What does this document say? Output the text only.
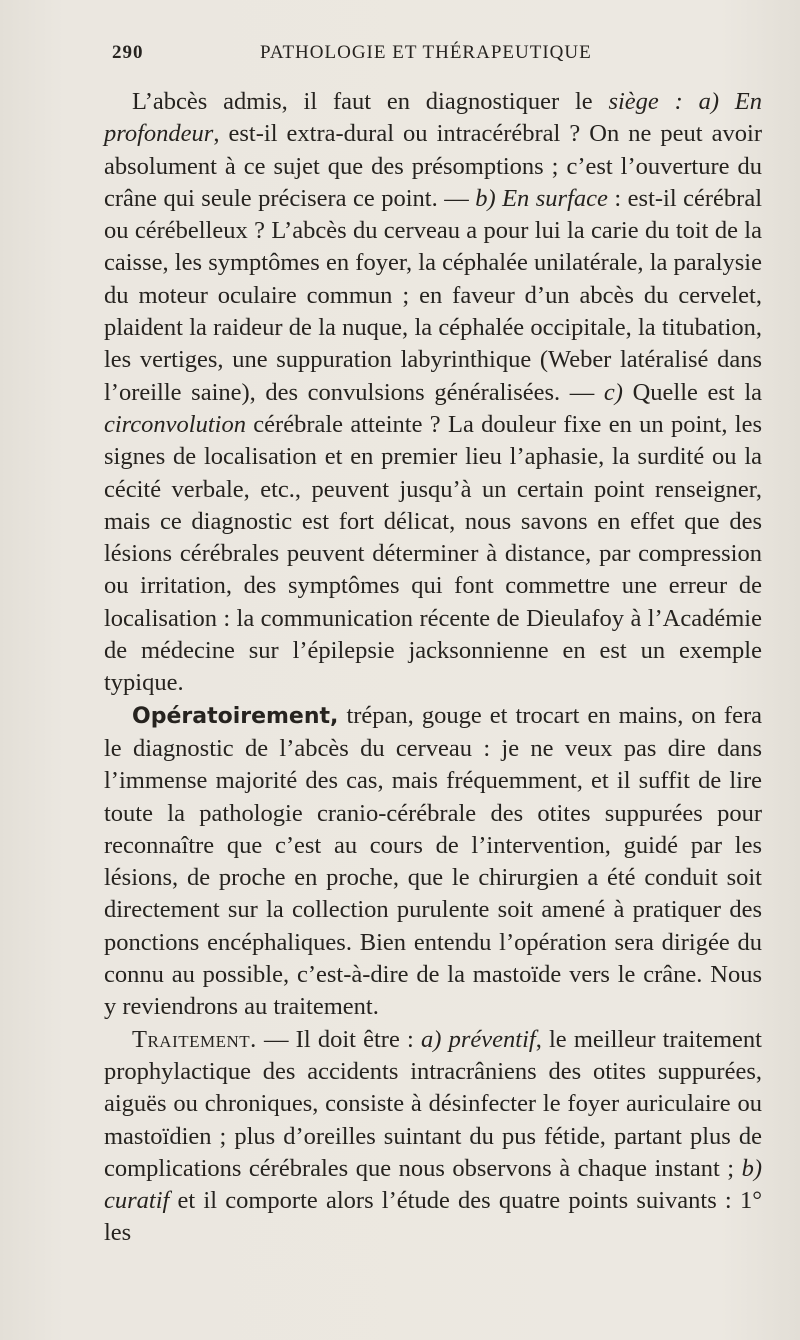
290	PATHOLOGIE ET THÉRAPEUTIQUE

L’abcès admis, il faut en diagnostiquer le siège : a) En profondeur, est-il extra-dural ou intracérébral ? On ne peut avoir absolument à ce sujet que des présomptions ; c’est l’ouverture du crâne qui seule précisera ce point. — b) En surface : est-il cérébral ou cérébelleux ? L’abcès du cerveau a pour lui la carie du toit de la caisse, les symptômes en foyer, la céphalée unilatérale, la paralysie du moteur oculaire commun ; en faveur d’un abcès du cervelet, plaident la raideur de la nuque, la céphalée occipitale, la titubation, les vertiges, une suppuration labyrinthique (Weber latéralisé dans l’oreille saine), des convulsions généralisées. — c) Quelle est la circonvolution cérébrale atteinte ? La douleur fixe en un point, les signes de localisation et en premier lieu l’aphasie, la surdité ou la cécité verbale, etc., peuvent jusqu’à un certain point renseigner, mais ce diagnostic est fort délicat, nous savons en effet que des lésions cérébrales peuvent déterminer à distance, par compression ou irritation, des symptômes qui font commettre une erreur de localisation : la communication récente de Dieulafoy à l’Académie de médecine sur l’épilepsie jacksonnienne en est un exemple typique.

Opératoirement, trépan, gouge et trocart en mains, on fera le diagnostic de l’abcès du cerveau : je ne veux pas dire dans l’immense majorité des cas, mais fréquemment, et il suffit de lire toute la pathologie cranio-cérébrale des otites suppurées pour reconnaître que c’est au cours de l’intervention, guidé par les lésions, de proche en proche, que le chirurgien a été conduit soit directement sur la collection purulente soit amené à pratiquer des ponctions encéphaliques. Bien entendu l’opération sera dirigée du connu au possible, c’est-à-dire de la mastoïde vers le crâne. Nous y reviendrons au traitement.

Traitement. — Il doit être : a) préventif, le meilleur traitement prophylactique des accidents intracrâniens des otites suppurées, aiguës ou chroniques, consiste à désinfecter le foyer auriculaire ou mastoïdien ; plus d’oreilles suintant du pus fétide, partant plus de complications cérébrales que nous observons à chaque instant ; b) curatif et il comporte alors l’étude des quatre points suivants : 1° les
